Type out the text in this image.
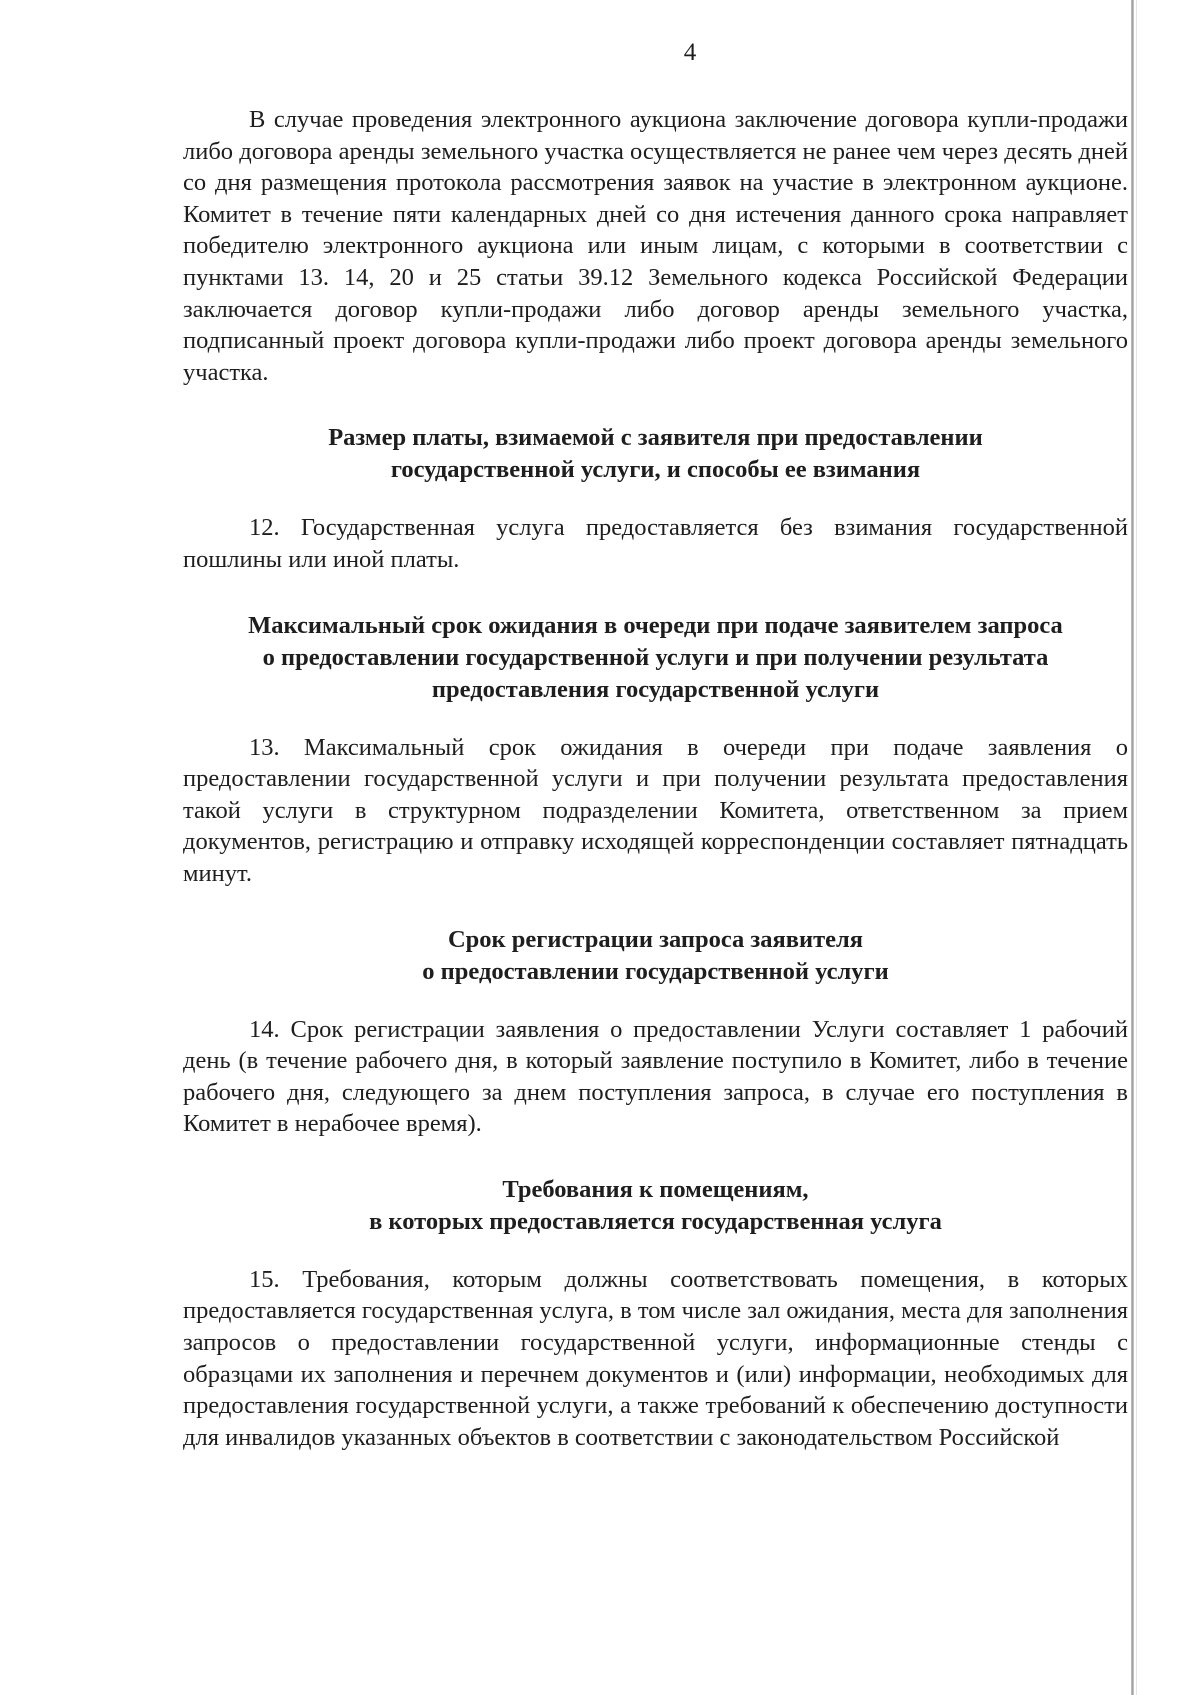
4

В случае проведения электронного аукциона заключение договора купли-продажи либо договора аренды земельного участка осуществляется не ранее чем через десять дней со дня размещения протокола рассмотрения заявок на участие в электронном аукционе. Комитет в течение пяти календарных дней со дня истечения данного срока направляет победителю электронного аукциона или иным лицам, с которыми в соответствии с пунктами 13. 14, 20 и 25 статьи 39.12 Земельного кодекса Российской Федерации заключается договор купли-продажи либо договор аренды земельного участка, подписанный проект договора купли-продажи либо проект договора аренды земельного участка.

Размер платы, взимаемой с заявителя при предоставлении
государственной услуги, и способы ее взимания

12. Государственная услуга предоставляется без взимания государственной пошлины или иной платы.

Максимальный срок ожидания в очереди при подаче заявителем запроса
о предоставлении государственной услуги и при получении результата
предоставления государственной услуги

13. Максимальный срок ожидания в очереди при подаче заявления о предоставлении государственной услуги и при получении результата предоставления такой услуги в структурном подразделении Комитета, ответственном за прием документов, регистрацию и отправку исходящей корреспонденции составляет пятнадцать минут.

Срок регистрации запроса заявителя
о предоставлении государственной услуги

14. Срок регистрации заявления о предоставлении Услуги составляет 1 рабочий день (в течение рабочего дня, в который заявление поступило в Комитет, либо в течение рабочего дня, следующего за днем поступления запроса, в случае его поступления в Комитет в нерабочее время).

Требования к помещениям,
в которых предоставляется государственная услуга

15. Требования, которым должны соответствовать помещения, в которых предоставляется государственная услуга, в том числе зал ожидания, места для заполнения запросов о предоставлении государственной услуги, информационные стенды с образцами их заполнения и перечнем документов и (или) информации, необходимых для предоставления государственной услуги, а также требований к обеспечению доступности для инвалидов указанных объектов в соответствии с законодательством Российской
